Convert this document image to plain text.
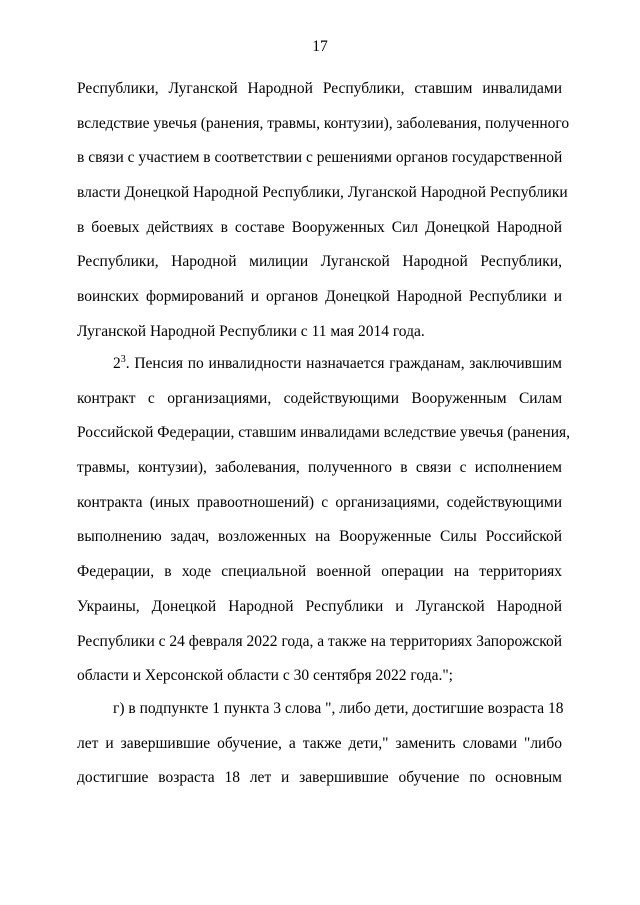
17
Республики, Луганской Народной Республики, ставшим инвалидами
вследствие увечья (ранения, травмы, контузии), заболевания, полученного
в связи с участием в соответствии с решениями органов государственной
власти Донецкой Народной Республики, Луганской Народной Республики
в боевых действиях в составе Вооруженных Сил Донецкой Народной
Республики, Народной милиции Луганской Народной Республики,
воинских формирований и органов Донецкой Народной Республики и
Луганской Народной Республики с 11 мая 2014 года.
$2^3$. Пенсия по инвалидности назначается гражданам, заключившим
контракт с организациями, содействующими Вооруженным Силам
Российской Федерации, ставшим инвалидами вследствие увечья (ранения,
травмы, контузии), заболевания, полученного в связи с исполнением
контракта (иных правоотношений) с организациями, содействующими
выполнению задач, возложенных на Вооруженные Силы Российской
Федерации, в ходе специальной военной операции на территориях
Украины, Донецкой Народной Республики и Луганской Народной
Республики с 24 февраля 2022 года, а также на территориях Запорожской
области и Херсонской области с 30 сентября 2022 года.";
г) в подпункте 1 пункта 3 слова ", либо дети, достигшие возраста 18
лет и завершившие обучение, а также дети," заменить словами "либо
достигшие возраста 18 лет и завершившие обучение по основным
